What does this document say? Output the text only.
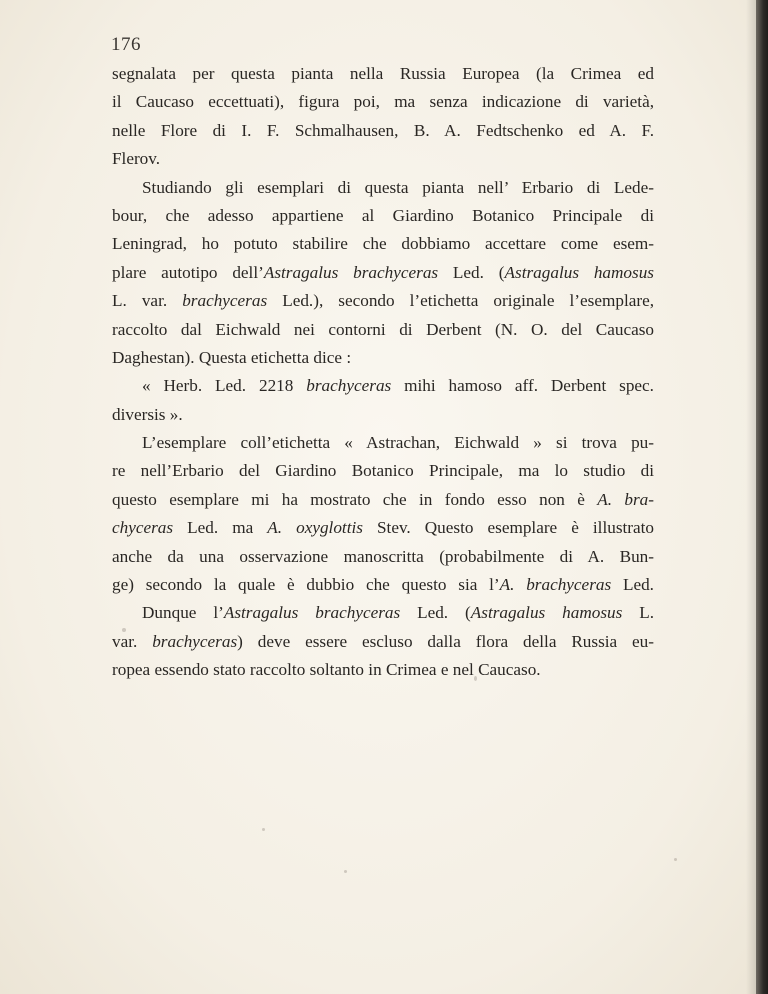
176
segnalata per questa pianta nella Russia Europea (la Crimea ed
il Caucaso eccettuati), figura poi, ma senza indicazione di varietà,
nelle Flore di I. F. Schmalhausen, B. A. Fedtschenko ed A. F.
Flerov.
Studiando gli esemplari di questa pianta nell’ Erbario di Lede-
bour, che adesso appartiene al Giardino Botanico Principale di
Leningrad, ho potuto stabilire che dobbiamo accettare come esem-
plare autotipo dell’Astragalus brachyceras Led. (Astragalus hamosus
L. var. brachyceras Led.), secondo l’etichetta originale l’esemplare,
raccolto dal Eichwald nei contorni di Derbent (N. O. del Caucaso
Daghestan). Questa etichetta dice :
« Herb. Led. 2218 brachyceras mihi hamoso aff. Derbent spec.
diversis ».
L’esemplare coll’etichetta « Astrachan, Eichwald » si trova pu-
re nell’Erbario del Giardino Botanico Principale, ma lo studio di
questo esemplare mi ha mostrato che in fondo esso non è A. bra-
chyceras Led. ma A. oxyglottis Stev. Questo esemplare è illustrato
anche da una osservazione manoscritta (probabilmente di A. Bun-
ge) secondo la quale è dubbio che questo sia l’A. brachyceras Led.
Dunque l’Astragalus brachyceras Led. (Astragalus hamosus L.
var. brachyceras) deve essere escluso dalla flora della Russia eu-
ropea essendo stato raccolto soltanto in Crimea e nel Caucaso.
